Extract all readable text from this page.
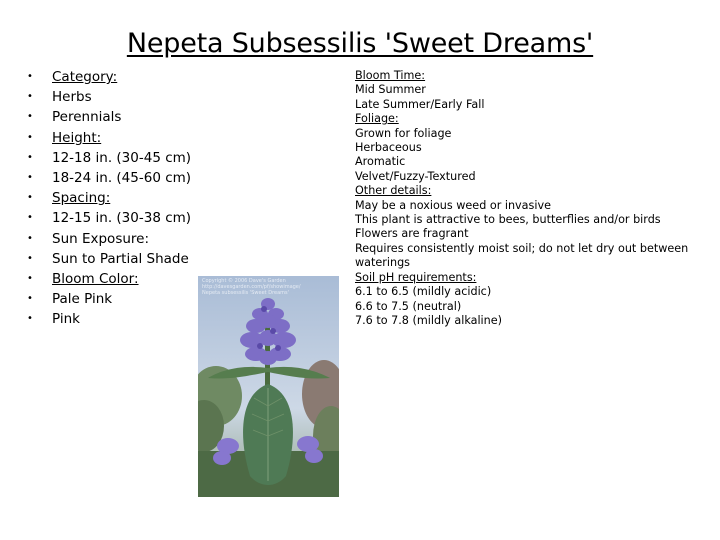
Nepeta Subsessilis 'Sweet Dreams'
• Category:
• Herbs
• Perennials
• Height:
• 12-18 in. (30-45 cm)
• 18-24 in. (45-60 cm)
• Spacing:
• 12-15 in. (30-38 cm)
• Sun Exposure:
• Sun to Partial Shade
• Bloom Color:
• Pale Pink
• Pink
Copyright © 2006 Dave's Garden
http://davesgarden.com/pf/showimage/
Nepeta subsessilis 'Sweet Dreams'
Bloom Time:
Mid Summer
Late Summer/Early Fall
Foliage:
Grown for foliage
Herbaceous
Aromatic
Velvet/Fuzzy-Textured
Other details:
May be a noxious weed or invasive
This plant is attractive to bees, butterflies and/or birds
Flowers are fragrant
Requires consistently moist soil; do not let dry out between
waterings
Soil pH requirements:
6.1 to 6.5 (mildly acidic)
6.6 to 7.5 (neutral)
7.6 to 7.8 (mildly alkaline)
